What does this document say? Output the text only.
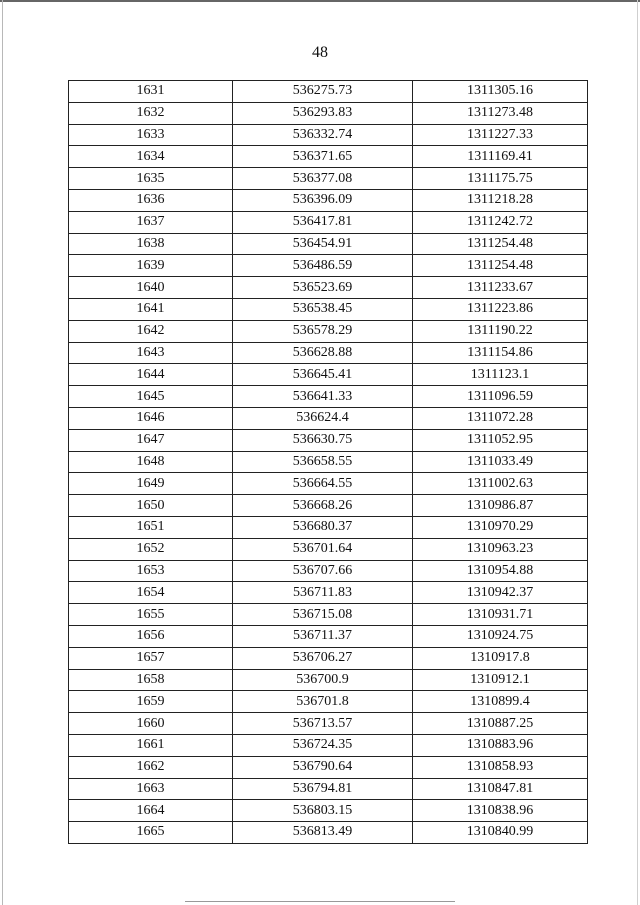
48
1631	536275.73	1311305.16
1632	536293.83	1311273.48
1633	536332.74	1311227.33
1634	536371.65	1311169.41
1635	536377.08	1311175.75
1636	536396.09	1311218.28
1637	536417.81	1311242.72
1638	536454.91	1311254.48
1639	536486.59	1311254.48
1640	536523.69	1311233.67
1641	536538.45	1311223.86
1642	536578.29	1311190.22
1643	536628.88	1311154.86
1644	536645.41	1311123.1
1645	536641.33	1311096.59
1646	536624.4	1311072.28
1647	536630.75	1311052.95
1648	536658.55	1311033.49
1649	536664.55	1311002.63
1650	536668.26	1310986.87
1651	536680.37	1310970.29
1652	536701.64	1310963.23
1653	536707.66	1310954.88
1654	536711.83	1310942.37
1655	536715.08	1310931.71
1656	536711.37	1310924.75
1657	536706.27	1310917.8
1658	536700.9	1310912.1
1659	536701.8	1310899.4
1660	536713.57	1310887.25
1661	536724.35	1310883.96
1662	536790.64	1310858.93
1663	536794.81	1310847.81
1664	536803.15	1310838.96
1665	536813.49	1310840.99
